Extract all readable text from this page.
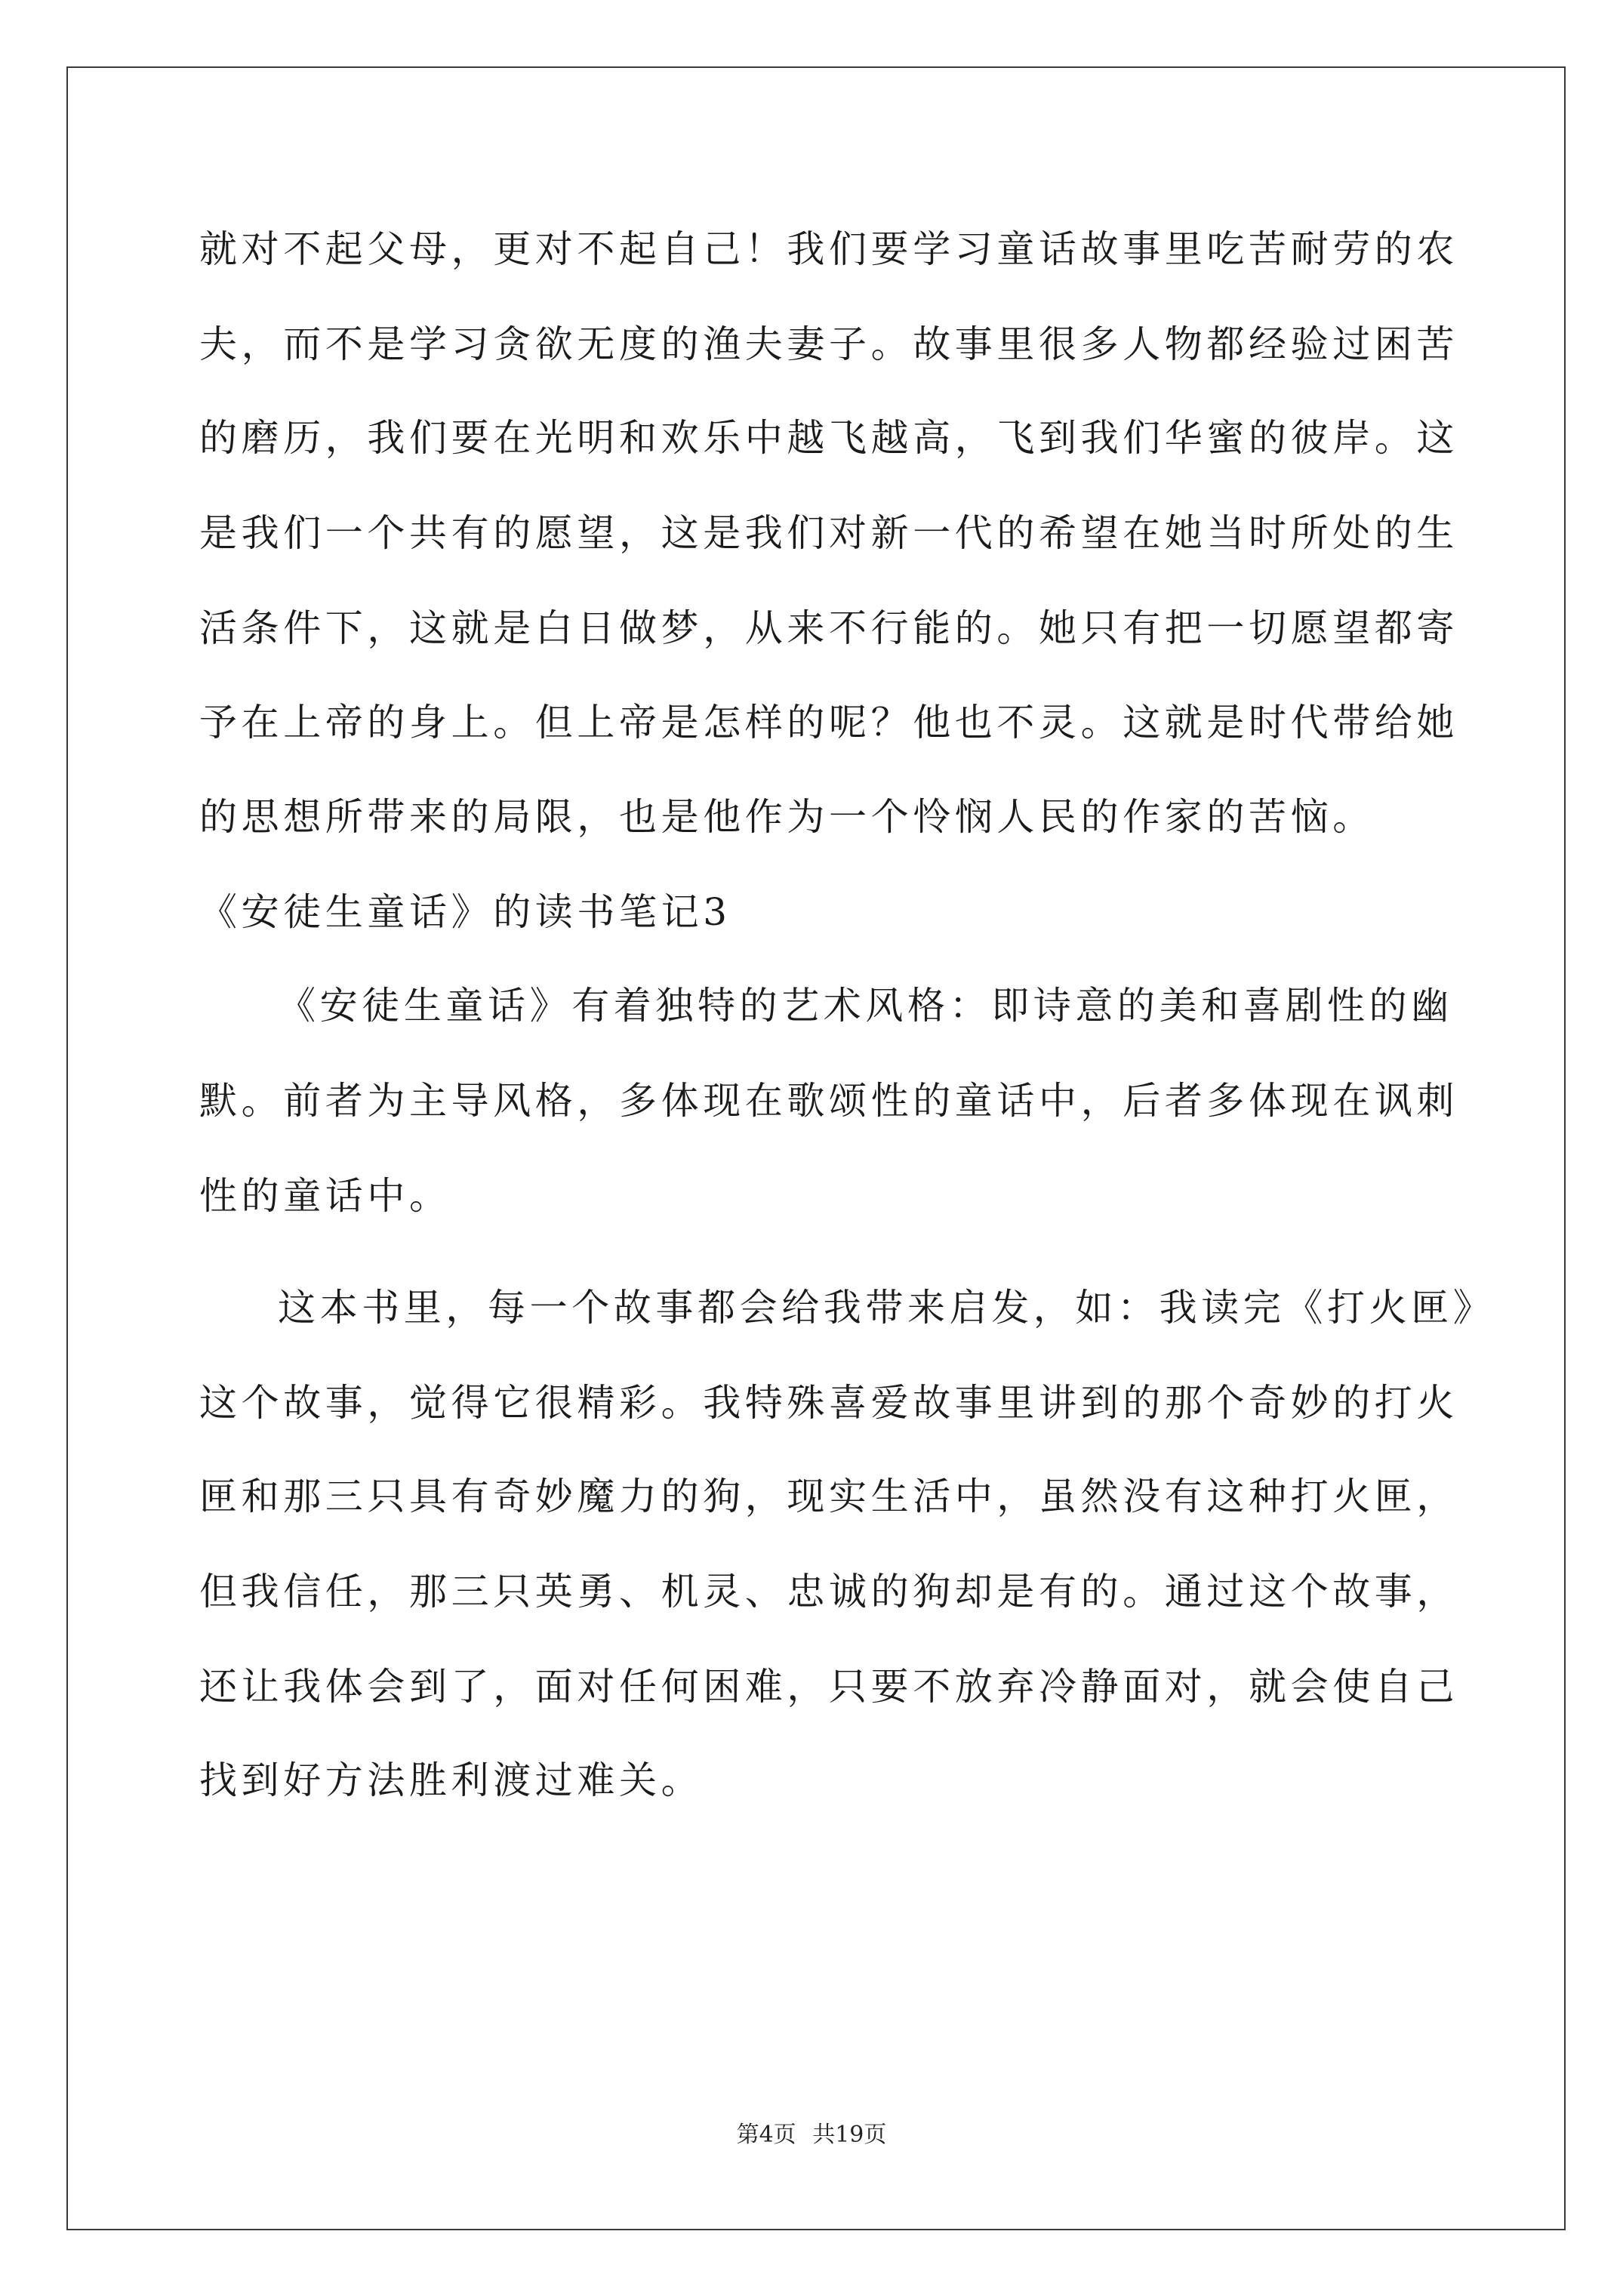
就对不起父母，更对不起自己！我们要学习童话故事里吃苦耐劳的农
夫，而不是学习贪欲无度的渔夫妻子。故事里很多人物都经验过困苦
的磨历，我们要在光明和欢乐中越飞越高，飞到我们华蜜的彼岸。这
是我们一个共有的愿望，这是我们对新一代的希望在她当时所处的生
活条件下，这就是白日做梦，从来不行能的。她只有把一切愿望都寄
予在上帝的身上。但上帝是怎样的呢？他也不灵。这就是时代带给她
的思想所带来的局限，也是他作为一个怜悯人民的作家的苦恼。
《安徒生童话》的读书笔记3
《安徒生童话》有着独特的艺术风格：即诗意的美和喜剧性的幽
默。前者为主导风格，多体现在歌颂性的童话中，后者多体现在讽刺
性的童话中。
这本书里，每一个故事都会给我带来启发，如：我读完《打火匣》
这个故事，觉得它很精彩。我特殊喜爱故事里讲到的那个奇妙的打火
匣和那三只具有奇妙魔力的狗，现实生活中，虽然没有这种打火匣，
但我信任，那三只英勇、机灵、忠诚的狗却是有的。通过这个故事，
还让我体会到了，面对任何困难，只要不放弃冷静面对，就会使自己
找到好方法胜利渡过难关。
第4页 共19页
